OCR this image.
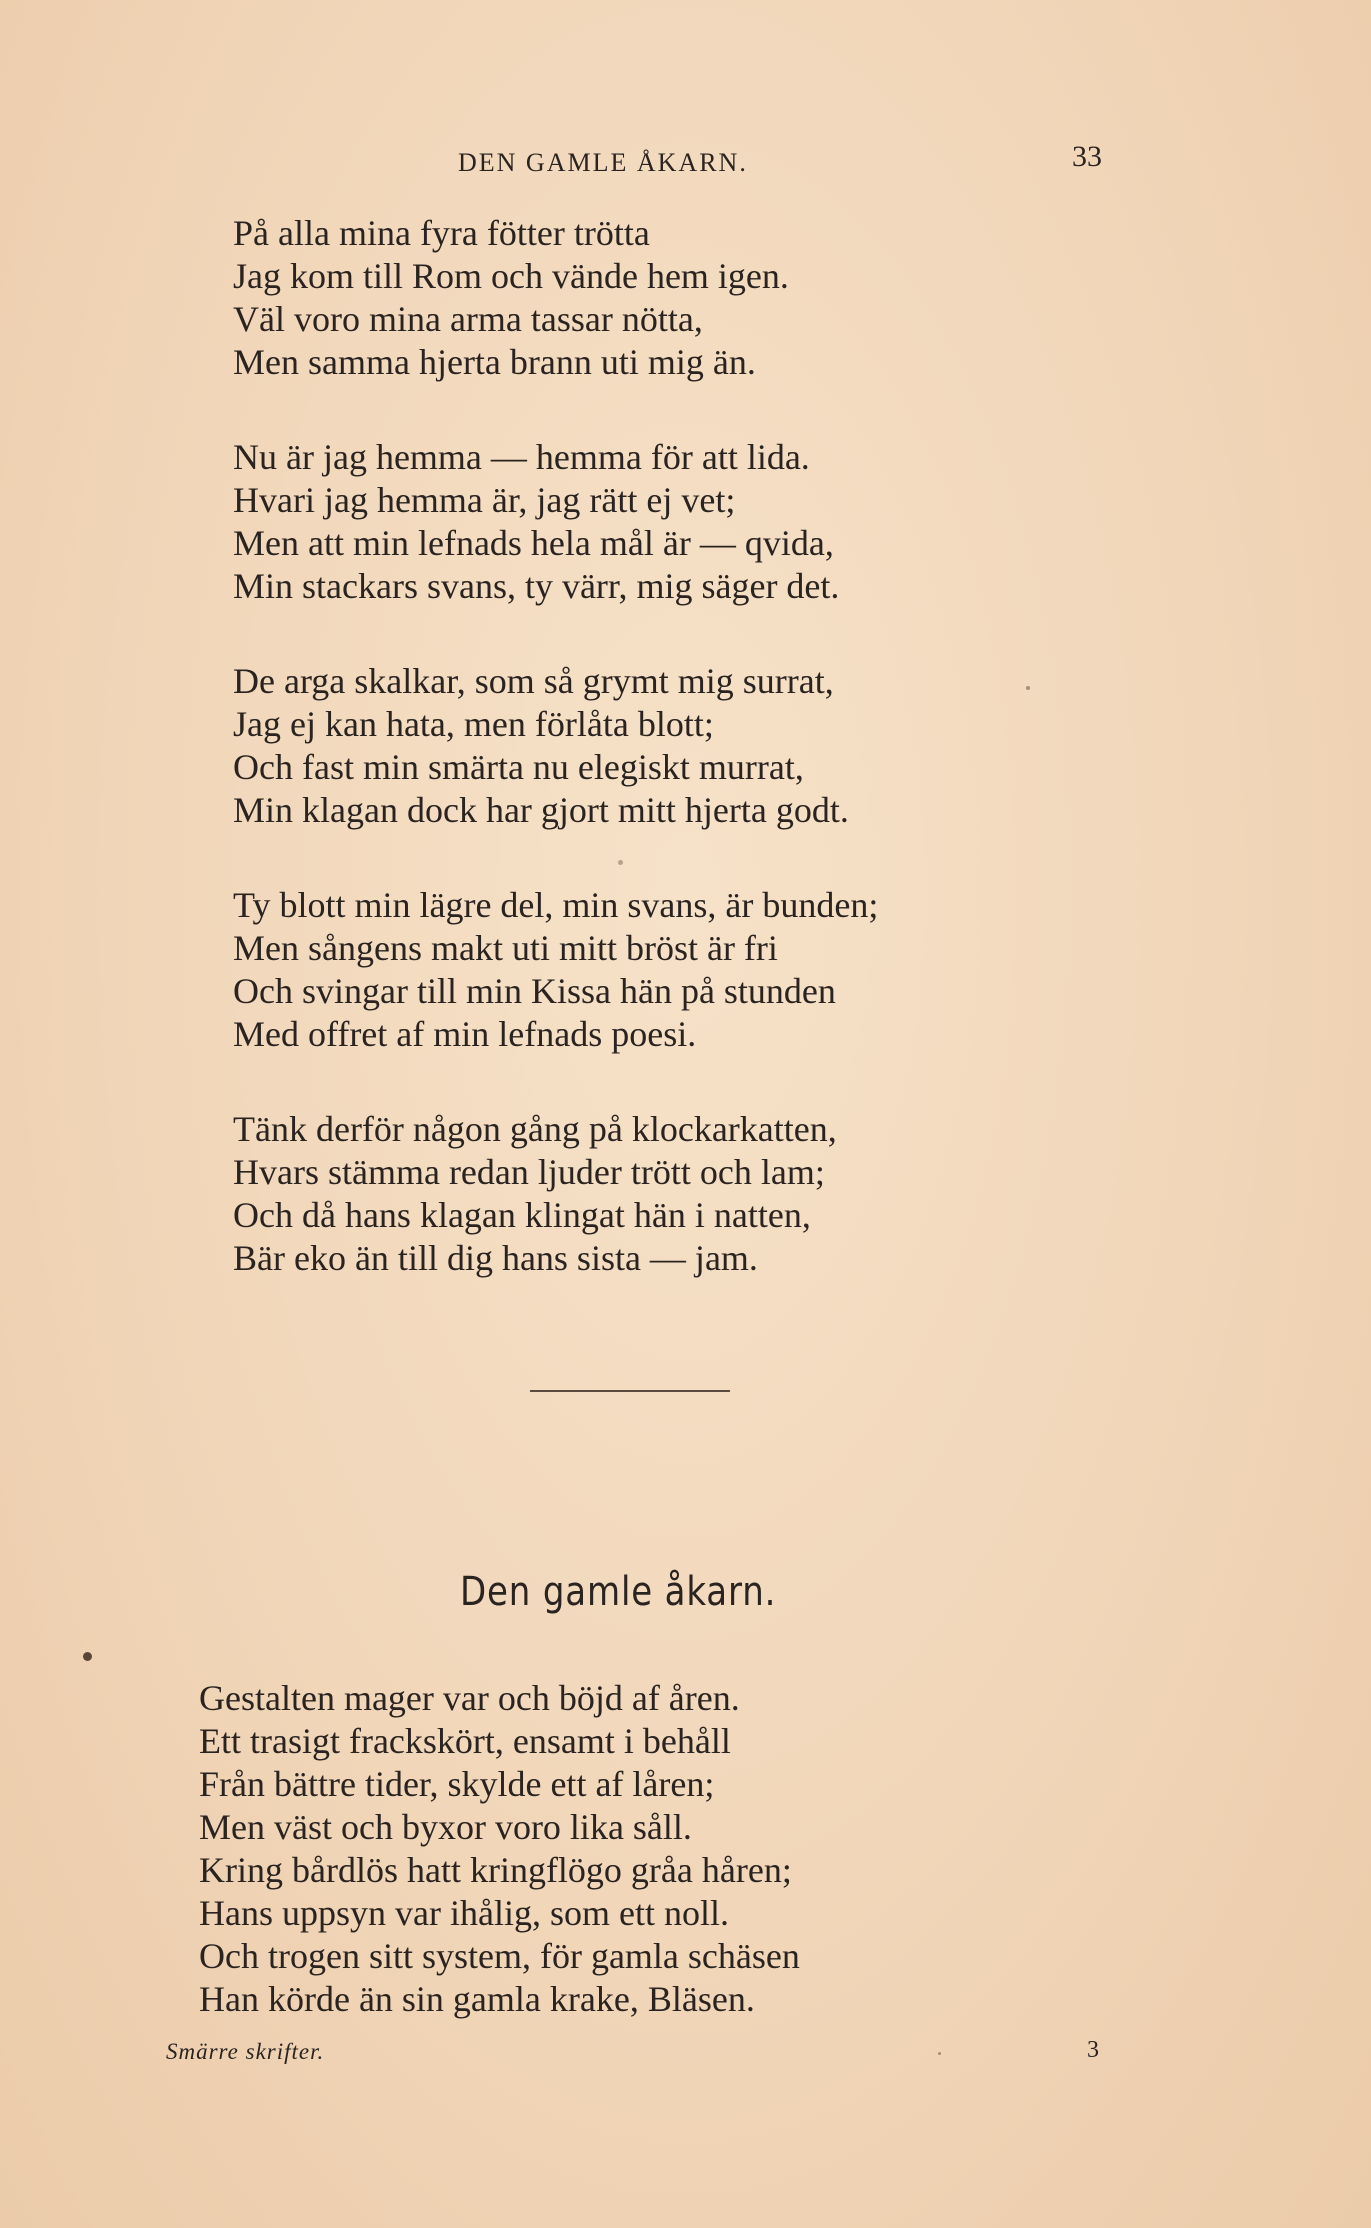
DEN GAMLE ÅKARN.	33
På alla mina fyra fötter trötta
Jag kom till Rom och vände hem igen.
Väl voro mina arma tassar nötta,
Men samma hjerta brann uti mig än.
Nu är jag hemma — hemma för att lida.
Hvari jag hemma är, jag rätt ej vet;
Men att min lefnads hela mål är — qvida,
Min stackars svans, ty värr, mig säger det.
De arga skalkar, som så grymt mig surrat,
Jag ej kan hata, men förlåta blott;
Och fast min smärta nu elegiskt murrat,
Min klagan dock har gjort mitt hjerta godt.
Ty blott min lägre del, min svans, är bunden;
Men sångens makt uti mitt bröst är fri
Och svingar till min Kissa hän på stunden
Med offret af min lefnads poesi.
Tänk derför någon gång på klockarkatten,
Hvars stämma redan ljuder trött och lam;
Och då hans klagan klingat hän i natten,
Bär eko än till dig hans sista — jam.
Den gamle åkarn.
Gestalten mager var och böjd af åren.
Ett trasigt frackskört, ensamt i behåll
Från bättre tider, skylde ett af låren;
Men väst och byxor voro lika såll.
Kring bårdlös hatt kringflögo gråa håren;
Hans uppsyn var ihålig, som ett noll.
Och trogen sitt system, för gamla schäsen
Han körde än sin gamla krake, Bläsen.
Smärre skrifter.	3
